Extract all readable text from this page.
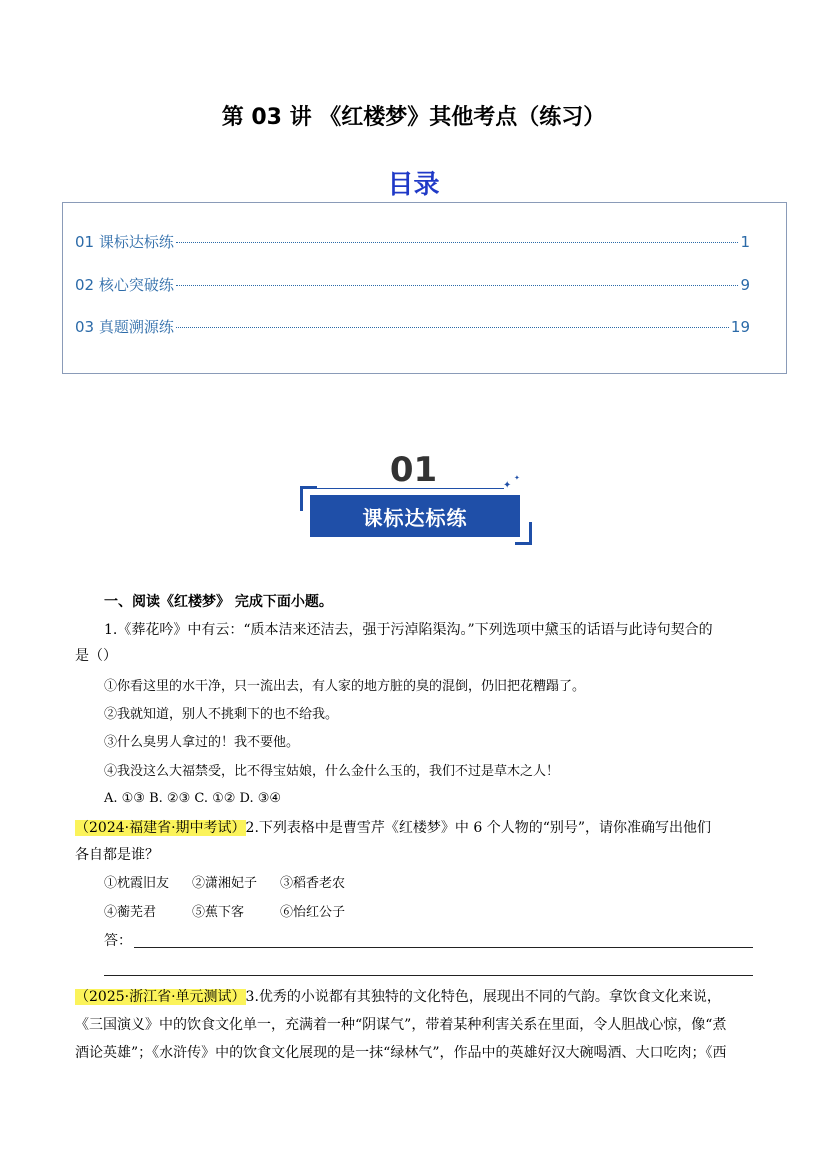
第 03 讲 《红楼梦》其他考点（练习）
目录
01 课标达标练	1
02 核心突破练	9
03 真题溯源练	19
01	✦
✦
课标达标练
一、阅读《红楼梦》 完成下面小题。
1.《葬花吟》中有云：“质本洁来还洁去，强于污淖陷渠沟。”下列选项中黛玉的话语与此诗句契合的
是（）
①你看这里的水干净，只一流出去，有人家的地方脏的臭的混倒，仍旧把花糟蹋了。
②我就知道，别人不挑剩下的也不给我。
③什么臭男人拿过的！我不要他。
④我没这么大福禁受，比不得宝姑娘，什么金什么玉的，我们不过是草木之人！
A. ①③ B. ②③ C. ①② D. ③④
（2024·福建省·期中考试）2.下列表格中是曹雪芹《红楼梦》中 6 个人物的“别号”，请你准确写出他们
各自都是谁？
①枕霞旧友 ②潇湘妃子 ③稻香老农
④蘅芜君	⑤蕉下客	⑥怡红公子
答：
（2025·浙江省·单元测试）3.优秀的小说都有其独特的文化特色，展现出不同的气韵。拿饮食文化来说，
《三国演义》中的饮食文化单一，充满着一种“阴谋气”，带着某种利害关系在里面，令人胆战心惊，像“煮
酒论英雄”；《水浒传》中的饮食文化展现的是一抹“绿林气”，作品中的英雄好汉大碗喝酒、大口吃肉；《西
